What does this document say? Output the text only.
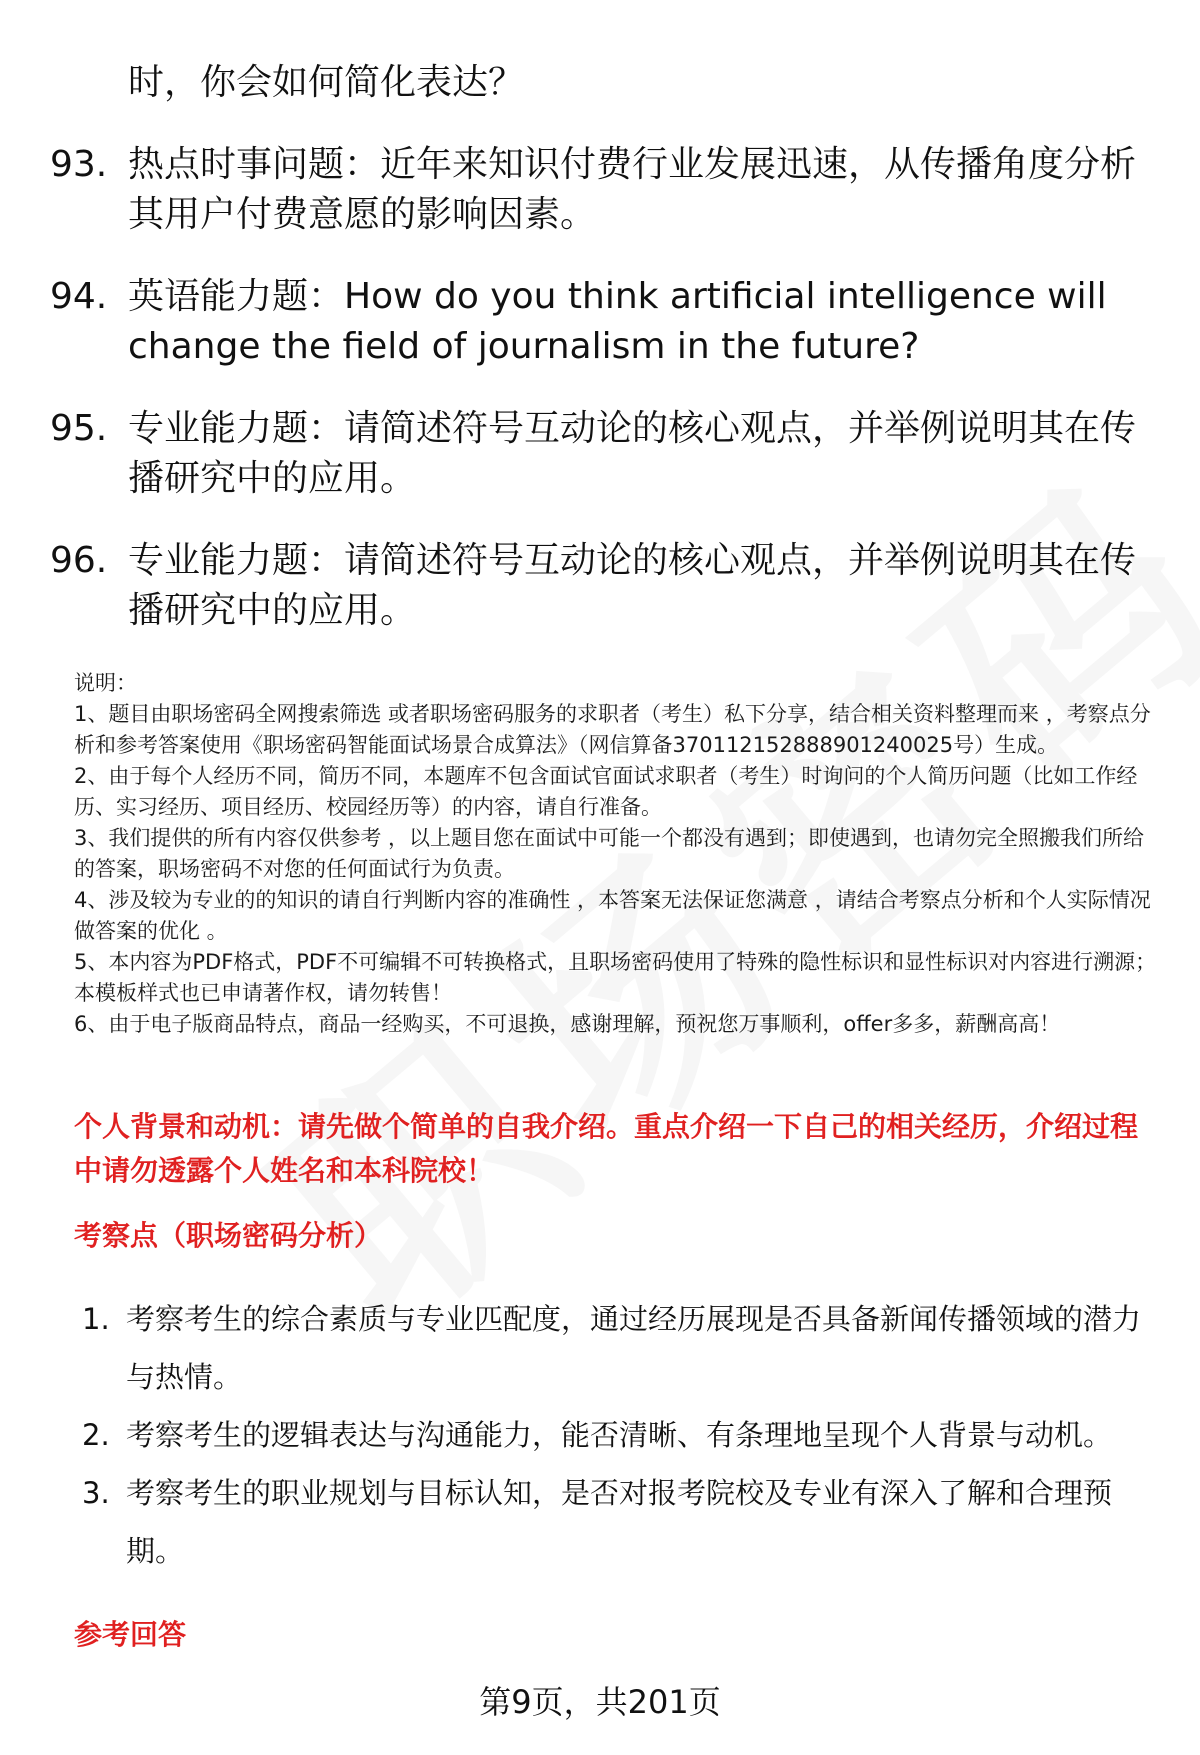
时，你会如何简化表达？
93. 热点时事问题：近年来知识付费行业发展迅速，从传播角度分析其用户付费意愿的影响因素。
94. 英语能力题：How do you think artificial intelligence will change the field of journalism in the future?
95. 专业能力题：请简述符号互动论的核心观点，并举例说明其在传播研究中的应用。
96. 专业能力题：请简述符号互动论的核心观点，并举例说明其在传播研究中的应用。

说明：

1、题目由职场密码全网搜索筛选 或者职场密码服务的求职者（考生）私下分享，结合相关资料整理而来 ，考察点分析和参考答案使用《职场密码智能面试场景合成算法》（网信算备370112152888901240025号）生成。

2、由于每个人经历不同，简历不同，本题库不包含面试官面试求职者（考生）时询问的个人简历问题（比如工作经历、实习经历、项目经历、校园经历等）的内容，请自行准备。

3、我们提供的所有内容仅供参考 ，以上题目您在面试中可能一个都没有遇到；即使遇到，也请勿完全照搬我们所给的答案，职场密码不对您的任何面试行为负责。

4、涉及较为专业的的知识的请自行判断内容的准确性 ，本答案无法保证您满意 ，请结合考察点分析和个人实际情况做答案的优化 。

5、本内容为PDF格式，PDF不可编辑不可转换格式，且职场密码使用了特殊的隐性标识和显性标识对内容进行溯源；本模板样式也已申请著作权，请勿转售！

6、由于电子版商品特点，商品一经购买，不可退换，感谢理解，预祝您万事顺利，offer多多，薪酬高高！

个人背景和动机：请先做个简单的自我介绍。重点介绍一下自己的相关经历，介绍过程中请勿透露个人姓名和本科院校！
考察点（职场密码分析）
1. 考察考生的综合素质与专业匹配度，通过经历展现是否具备新闻传播领域的潜力与热情。
2. 考察考生的逻辑表达与沟通能力，能否清晰、有条理地呈现个人背景与动机。
3. 考察考生的职业规划与目标认知，是否对报考院校及专业有深入了解和合理预期。
参考回答
第9页，共201页
